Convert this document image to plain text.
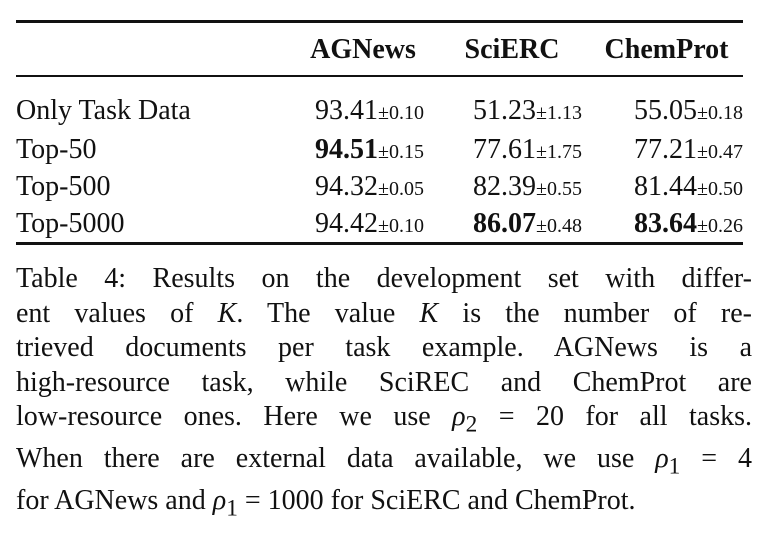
	AGNews	SciERC	ChemProt
Only Task Data	93.41±0.10	51.23±1.13	55.05±0.18
Top-50	94.51±0.15	77.61±1.75	77.21±0.47
Top-500	94.32±0.05	82.39±0.55	81.44±0.50
Top-5000	94.42±0.10	86.07±0.48	83.64±0.26
Table 4: Results on the development set with differ-
ent values of K. The value K is the number of re-
trieved documents per task example. AGNews is a
high-resource task, while SciREC and ChemProt are
low-resource ones. Here we use $\rho_2 = 20$ for all tasks.
When there are external data available, we use $\rho_1 = 4$
for AGNews and $\rho_1 = 1000$ for SciERC and ChemProt.
